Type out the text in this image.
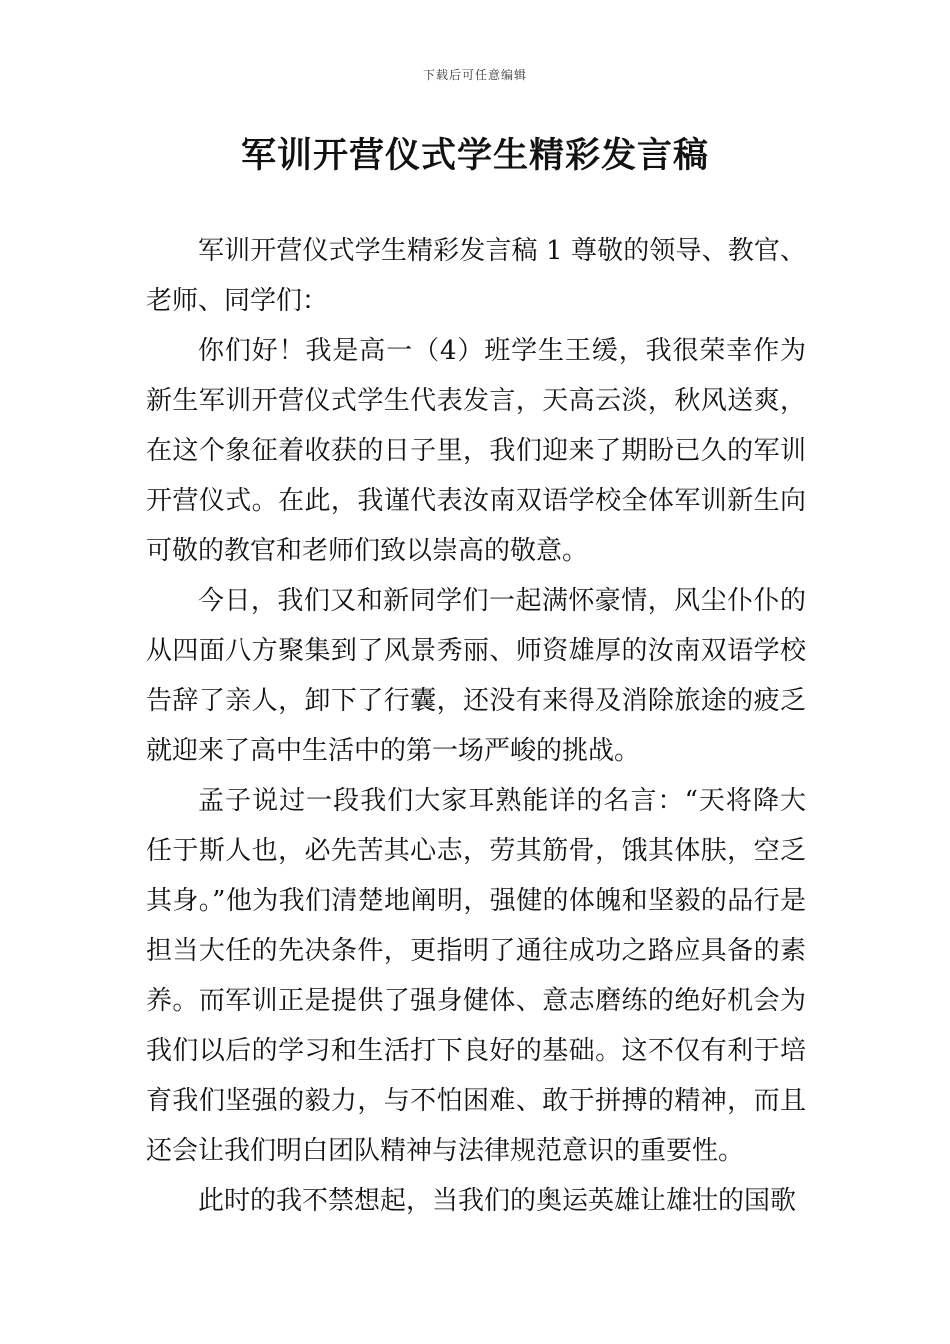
下载后可任意编辑
军训开营仪式学生精彩发言稿

军训开营仪式学生精彩发言稿 1 尊敬的领导、教官、老师、同学们：

你们好！我是高一（4）班学生王缓，我很荣幸作为新生军训开营仪式学生代表发言，天高云淡，秋风送爽，在这个象征着收获的日子里，我们迎来了期盼已久的军训开营仪式。在此，我谨代表汝南双语学校全体军训新生向可敬的教官和老师们致以崇高的敬意。

今日，我们又和新同学们一起满怀豪情，风尘仆仆的从四面八方聚集到了风景秀丽、师资雄厚的汝南双语学校告辞了亲人，卸下了行囊，还没有来得及消除旅途的疲乏就迎来了高中生活中的第一场严峻的挑战。

孟子说过一段我们大家耳熟能详的名言：“天将降大任于斯人也，必先苦其心志，劳其筋骨，饿其体肤，空乏其身。”他为我们清楚地阐明，强健的体魄和坚毅的品行是担当大任的先决条件，更指明了通往成功之路应具备的素养。而军训正是提供了强身健体、意志磨练的绝好机会为我们以后的学习和生活打下良好的基础。这不仅有利于培育我们坚强的毅力，与不怕困难、敢于拼搏的精神，而且还会让我们明白团队精神与法律规范意识的重要性。

此时的我不禁想起，当我们的奥运英雄让雄壮的国歌
